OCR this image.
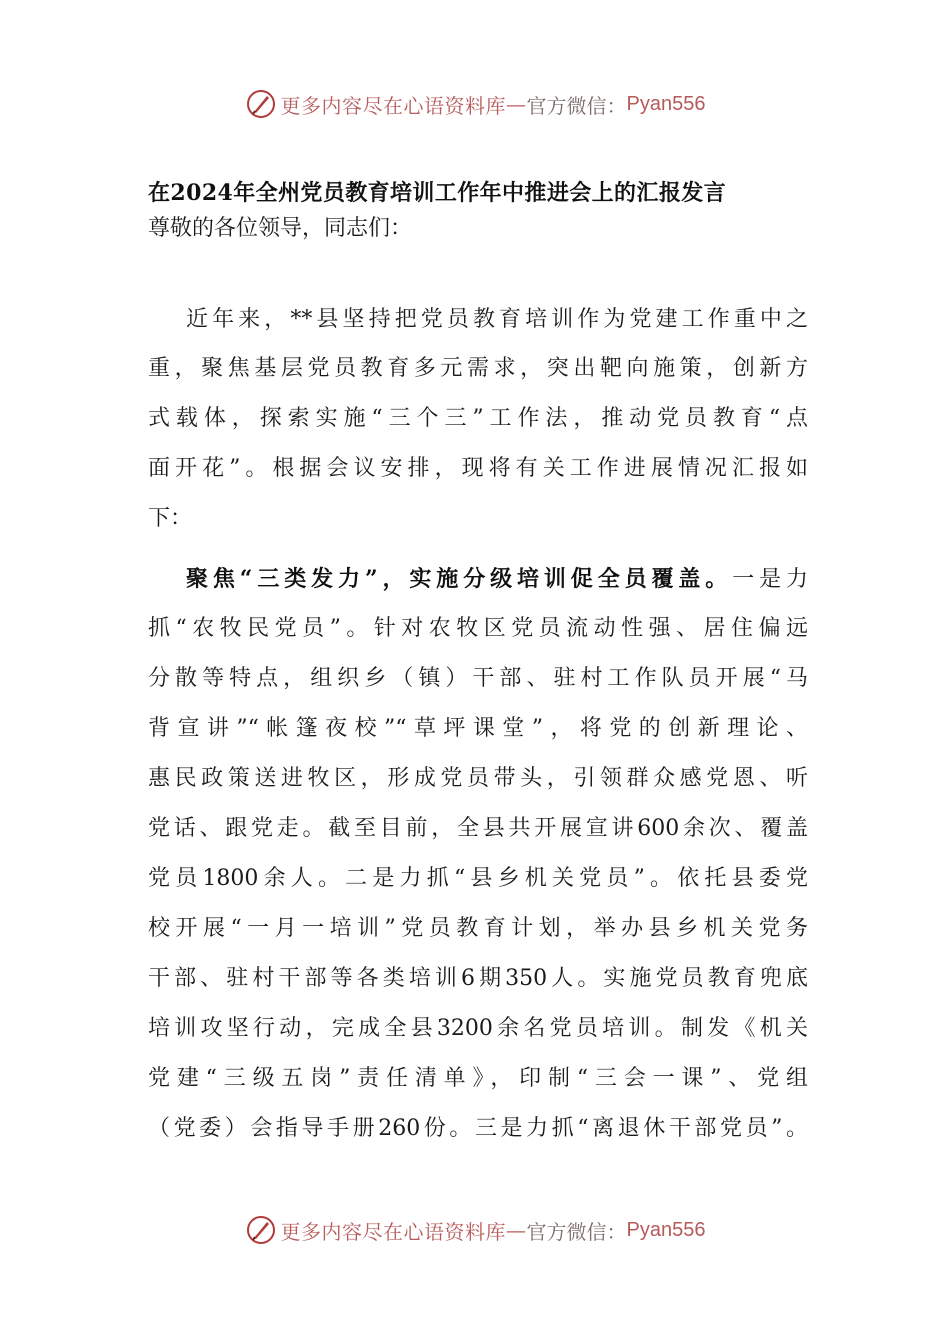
更多内容尽在心语资料库 — 官方微信： Pyan556
在2024年全州党员教育培训工作年中推进会上的汇报发言
尊敬的各位领导，同志们：
近年来，**县坚持把党员教育培训作为党建工作重中之
重，聚焦基层党员教育多元需求，突出靶向施策，创新方
式载体，探索实施“三个三”工作法，推动党员教育“点
面开花”。根据会议安排，现将有关工作进展情况汇报如
下：
聚焦“三类发力”，实施分级培训促全员覆盖。一是力
抓“农牧民党员”。针对农牧区党员流动性强、居住偏远
分散等特点，组织乡（镇）干部、驻村工作队员开展“马
背宣讲”“帐篷夜校”“草坪课堂”，将党的创新理论、
惠民政策送进牧区，形成党员带头，引领群众感党恩、听
党话、跟党走。截至目前，全县共开展宣讲600余次、覆盖
党员1800余人。二是力抓“县乡机关党员”。依托县委党
校开展“一月一培训”党员教育计划，举办县乡机关党务
干部、驻村干部等各类培训6期350人。实施党员教育兜底
培训攻坚行动，完成全县3200余名党员培训。制发《机关
党建“三级五岗”责任清单》，印制“三会一课”、党组
（党委）会指导手册260份。三是力抓“离退休干部党员”。
更多内容尽在心语资料库 — 官方微信： Pyan556
